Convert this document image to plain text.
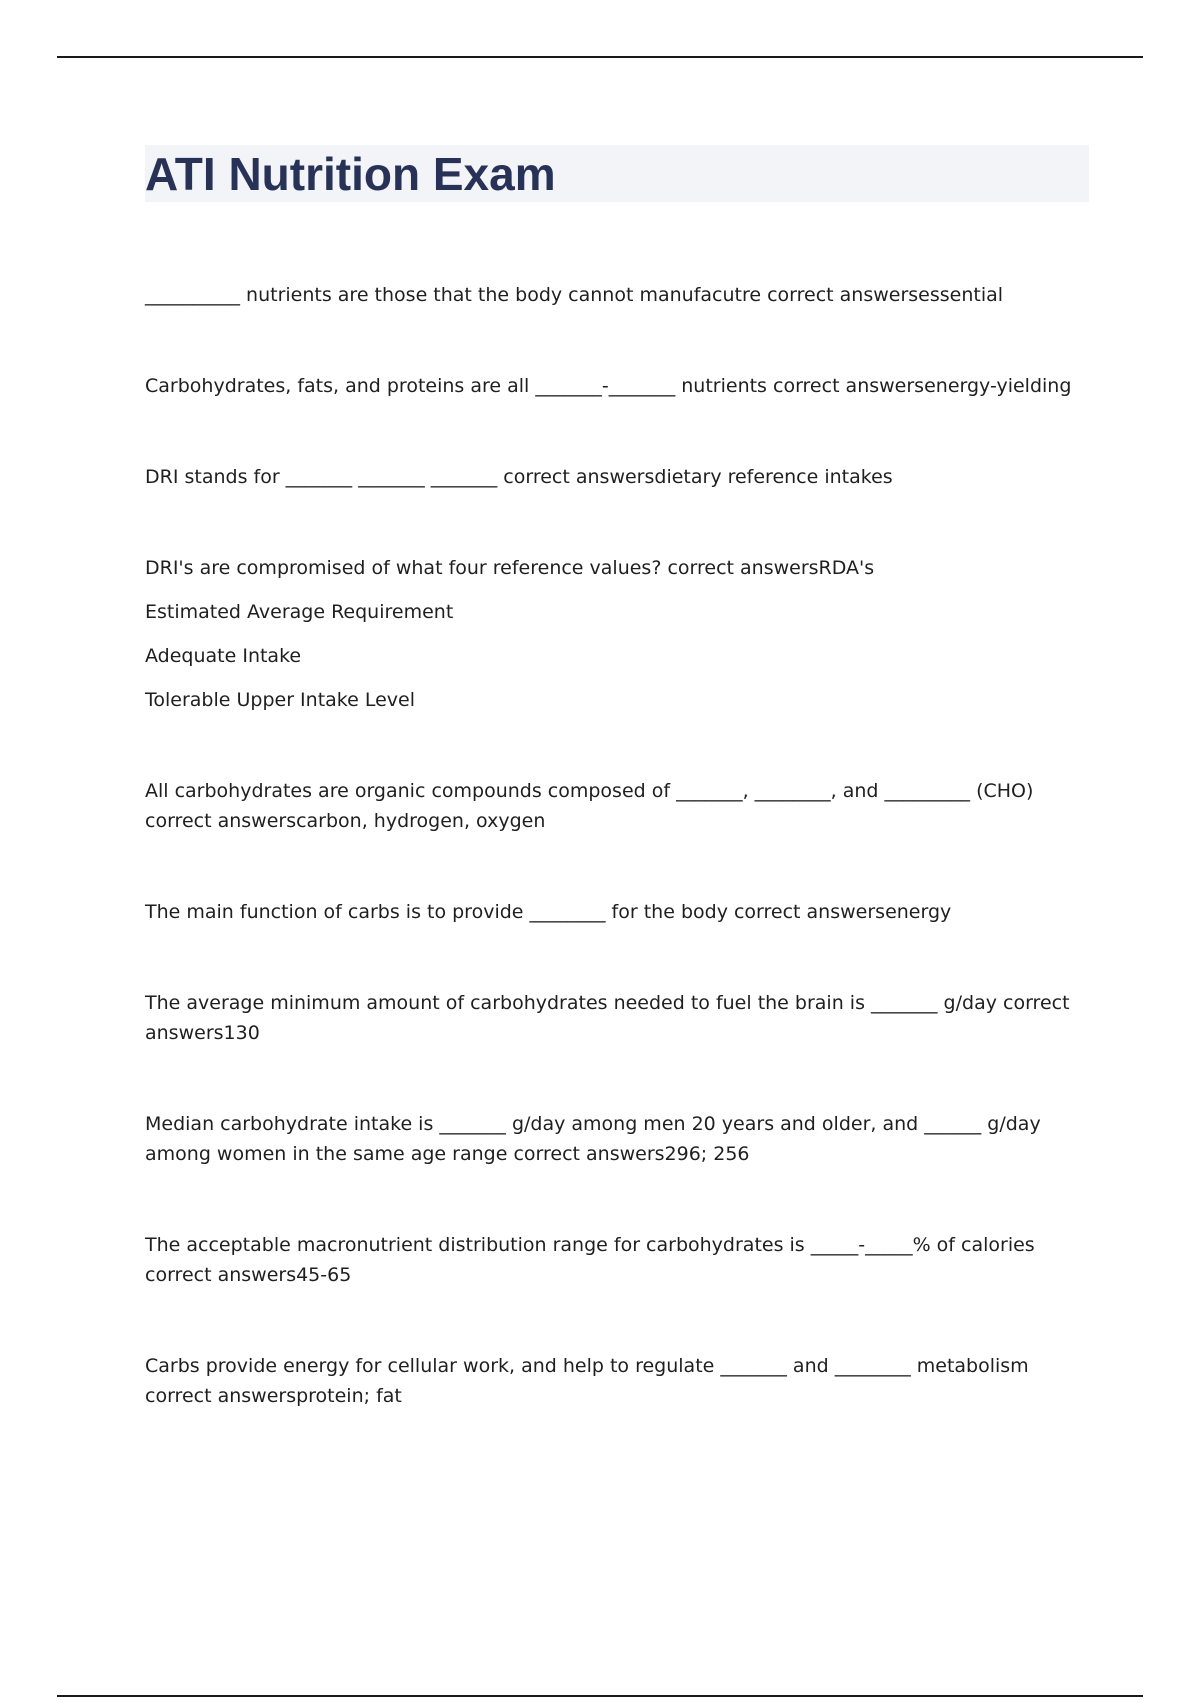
ATI Nutrition Exam

__________ nutrients are those that the body cannot manufacutre correct answersessential

Carbohydrates, fats, and proteins are all _______-_______ nutrients correct answersenergy-yielding

DRI stands for _______ _______ _______ correct answersdietary reference intakes

DRI's are compromised of what four reference values? correct answersRDA's

Estimated Average Requirement

Adequate Intake

Tolerable Upper Intake Level

All carbohydrates are organic compounds composed of _______, ________, and _________ (CHO) correct answerscarbon, hydrogen, oxygen

The main function of carbs is to provide ________ for the body correct answersenergy

The average minimum amount of carbohydrates needed to fuel the brain is _______ g/day correct answers130

Median carbohydrate intake is _______ g/day among men 20 years and older, and ______ g/day among women in the same age range correct answers296; 256

The acceptable macronutrient distribution range for carbohydrates is _____-_____% of calories correct answers45-65

Carbs provide energy for cellular work, and help to regulate _______ and ________ metabolism correct answersprotein; fat
